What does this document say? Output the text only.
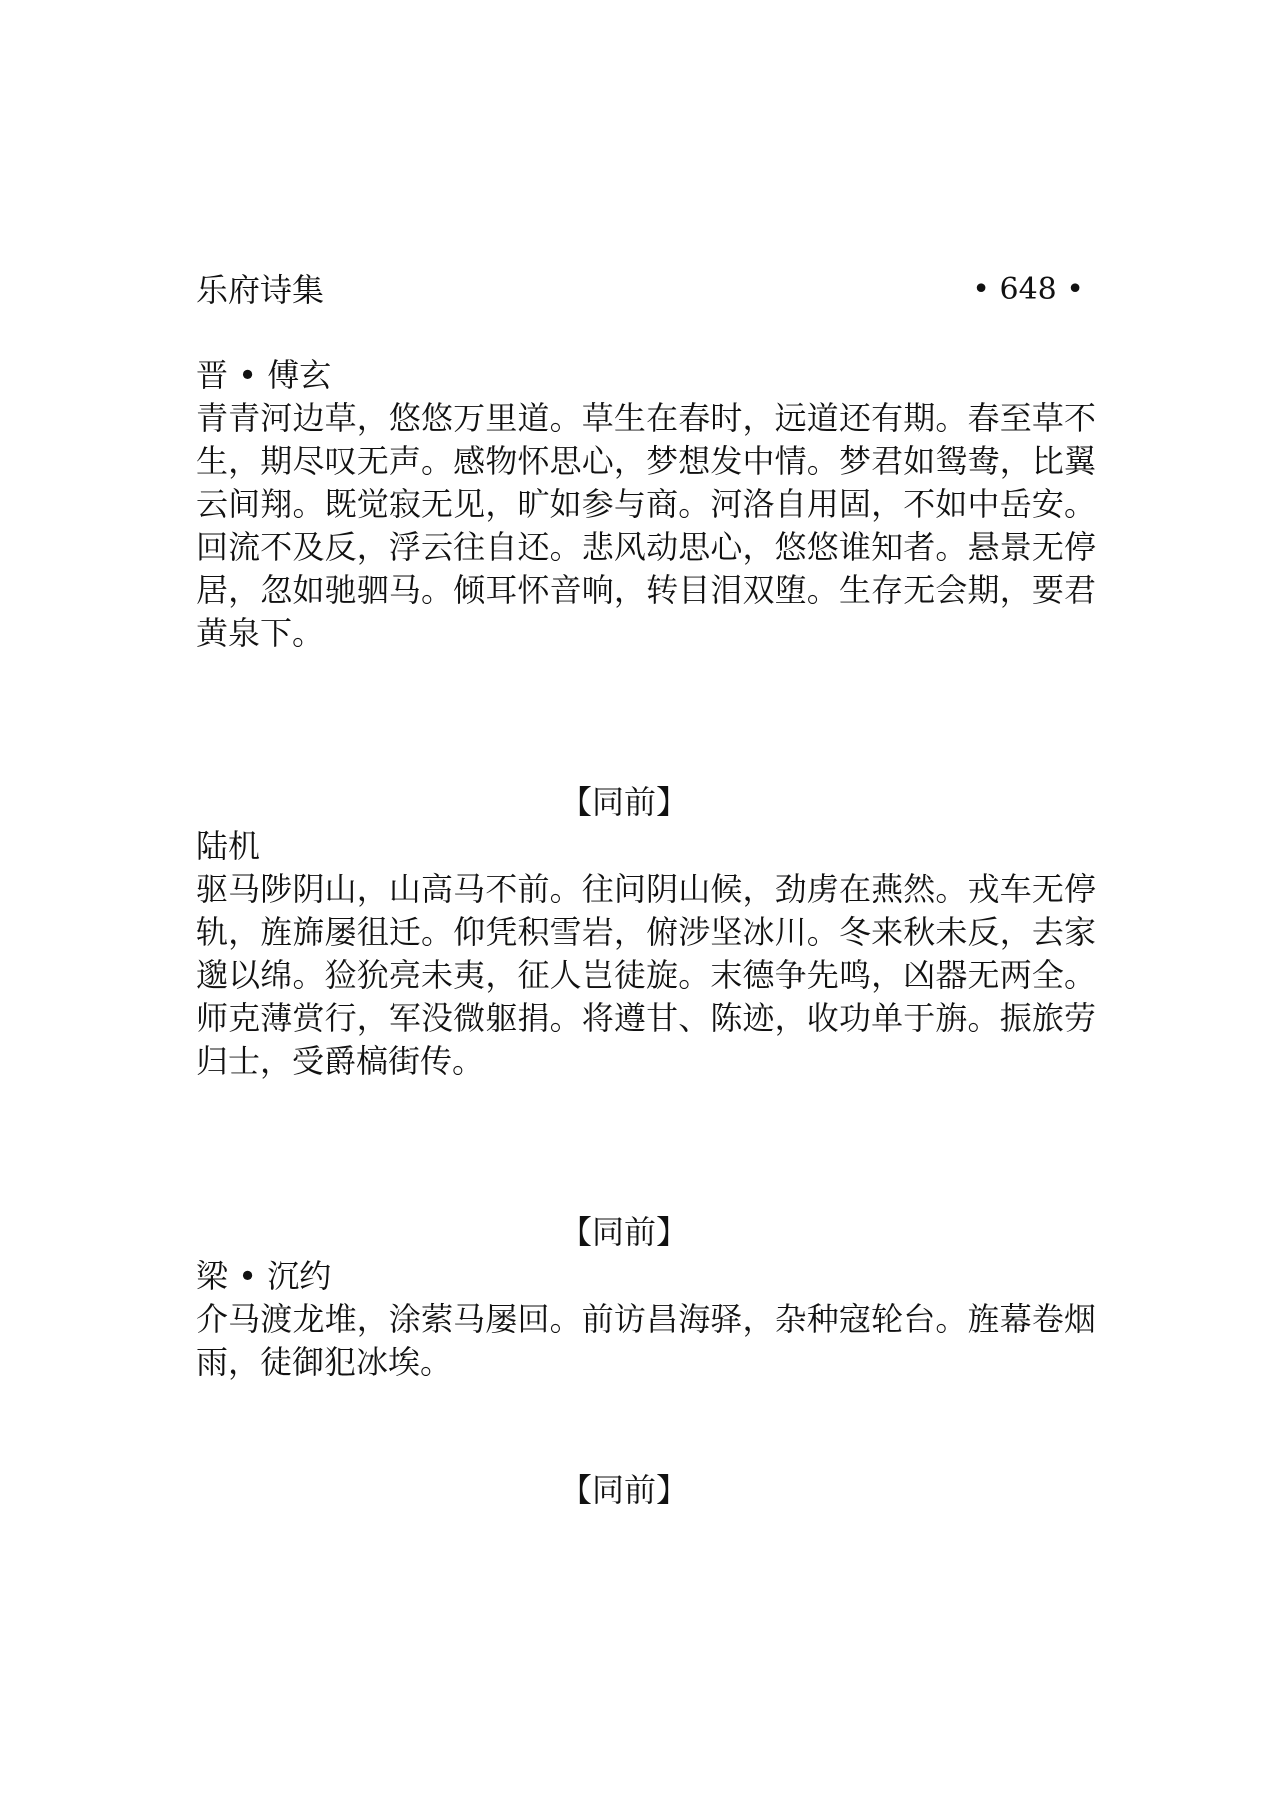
乐府诗集	• 648 •

晋 • 傅玄

青青河边草，悠悠万里道。草生在春时，远道还有期。春至草不生，期尽叹无声。感物怀思心，梦想发中情。梦君如鸳鸯，比翼云间翔。既觉寂无见，旷如参与商。河洛自用固，不如中岳安。回流不及反，浮云往自还。悲风动思心，悠悠谁知者。悬景无停居，忽如驰驷马。倾耳怀音响，转目泪双堕。生存无会期，要君黄泉下。

【同前】

陆机

驱马陟阴山，山高马不前。往问阴山候，劲虏在燕然。戎车无停轨，旌旆屡徂迁。仰凭积雪岩，俯涉坚冰川。冬来秋未反，去家邈以绵。猃狁亮未夷，征人岂徒旋。末德争先鸣，凶器无两全。师克薄赏行，军没微躯捐。将遵甘、陈迹，收功单于旃。振旅劳归士，受爵槁街传。

【同前】

梁 • 沉约

介马渡龙堆，涂萦马屡回。前访昌海驿，杂种寇轮台。旌幕卷烟雨，徒御犯冰埃。

【同前】
